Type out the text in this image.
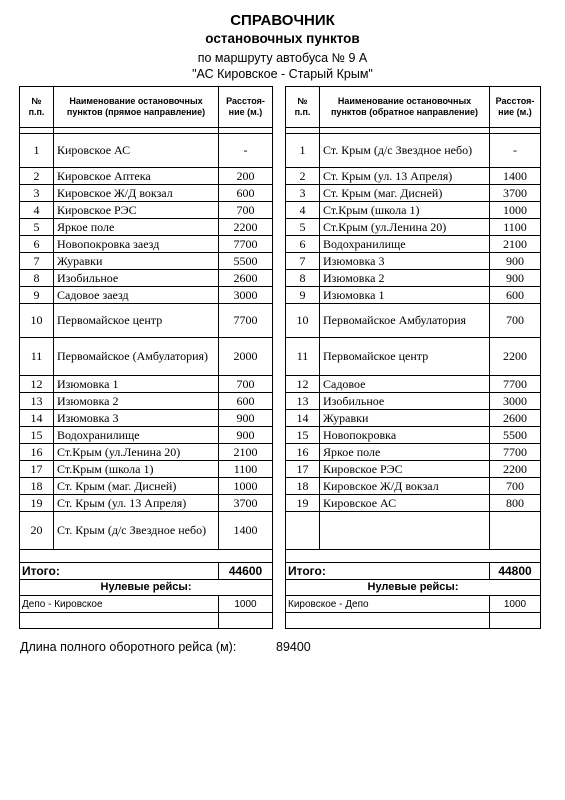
СПРАВОЧНИК
остановочных пунктов
по маршруту автобуса № 9 А
"АС Кировское - Старый Крым"
№
п.п.	Наименование остановочных пунктов (прямое направление)	Расстоя-
ние (м.)

1	Кировское АС	-
2	Кировское Аптека	200
3	Кировское Ж/Д вокзал	600
4	Кировское РЭС	700
5	Яркое поле	2200
6	Новопокровка заезд	7700
7	Журавки	5500
8	Изобильное	2600
9	Садовое заезд	3000
10	Первомайское центр	7700
11	Первомайское (Амбулатория)	2000
12	Изюмовка 1	700
13	Изюмовка 2	600
14	Изюмовка 3	900
15	Водохранилище	900
16	Ст.Крым (ул.Ленина 20)	2100
17	Ст.Крым (школа 1)	1100
18	Ст. Крым (маг. Дисней)	1000
19	Ст. Крым (ул. 13 Апреля)	3700
20	Ст. Крым (д/с Звездное небо)	1400

Итого:		44600
Нулевые рейсы:		
Депо - Кировское		1000

№
п.п.	Наименование остановочных пунктов (обратное направление)	Расстоя-
ние (м.)

1	Ст. Крым (д/с Звездное небо)	-
2	Ст. Крым (ул. 13 Апреля)	1400
3	Ст. Крым (маг. Дисней)	3700
4	Ст.Крым (школа 1)	1000
5	Ст.Крым (ул.Ленина 20)	1100
6	Водохранилище	2100
7	Изюмовка 3	900
8	Изюмовка 2	900
9	Изюмовка 1	600
10	Первомайское Амбулатория	700
11	Первомайское центр	2200
12	Садовое	7700
13	Изобильное	3000
14	Журавки	2600
15	Новопокровка	5500
16	Яркое поле	7700
17	Кировское РЭС	2200
18	Кировское Ж/Д вокзал	700
19	Кировское АС	800

Итого:		44800
Нулевые рейсы:		
Кировское - Депо		1000

Длина полного оборотного рейса (м):	89400
